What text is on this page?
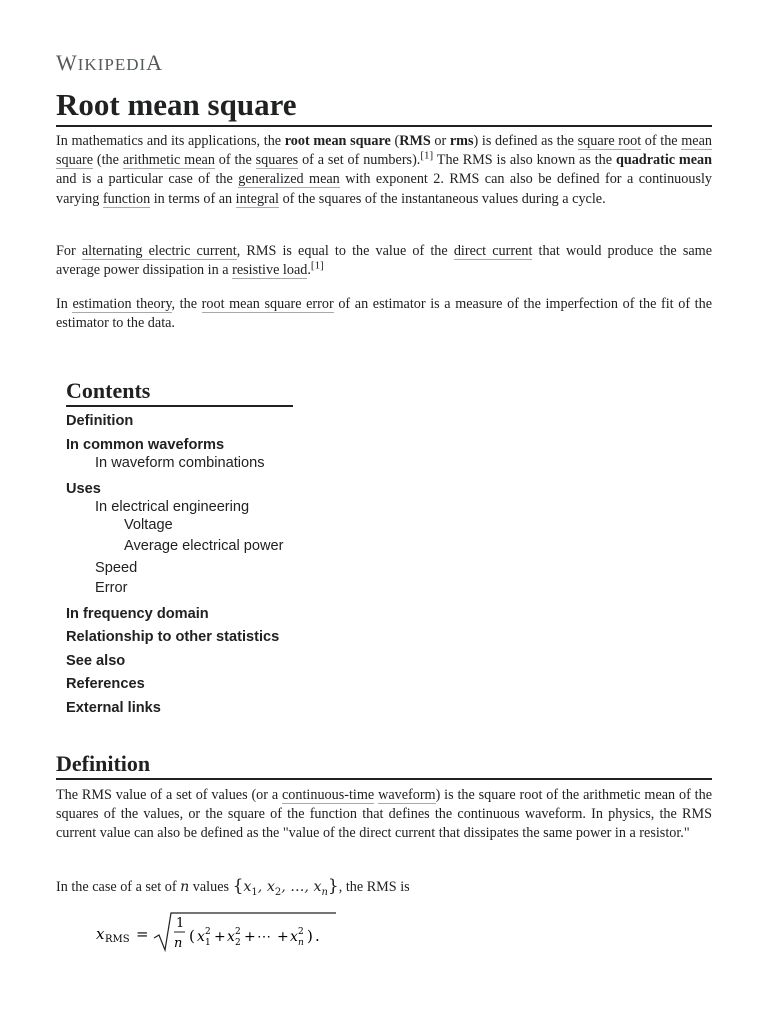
WIKIPEDIA
Root mean square

In mathematics and its applications, the root mean square (RMS or rms) is defined as the square root of the mean square (the arithmetic mean of the squares of a set of numbers).[1] The RMS is also known as the quadratic mean and is a particular case of the generalized mean with exponent 2. RMS can also be defined for a continuously varying function in terms of an integral of the squares of the instantaneous values during a cycle.

For alternating electric current, RMS is equal to the value of the direct current that would produce the same average power dissipation in a resistive load.[1]

In estimation theory, the root mean square error of an estimator is a measure of the imperfection of the fit of the estimator to the data.

Contents
Definition
In common waveforms
In waveform combinations
Uses
In electrical engineering
Voltage
Average electrical power
Speed
Error
In frequency domain
Relationship to other statistics
See also
References
External links
Definition

The RMS value of a set of values (or a continuous-time waveform) is the square root of the arithmetic mean of the squares of the values, or the square of the function that defines the continuous waveform. In physics, the RMS current value can also be defined as the "value of the direct current that dissipates the same power in a resistor."

In the case of a set of n values {$x_1$, $x_2$, …, $x_n$}, the RMS is

x RMS =
1
n ( x 2
1 + x 2
2 + ⋯ + x 2
n ) .
